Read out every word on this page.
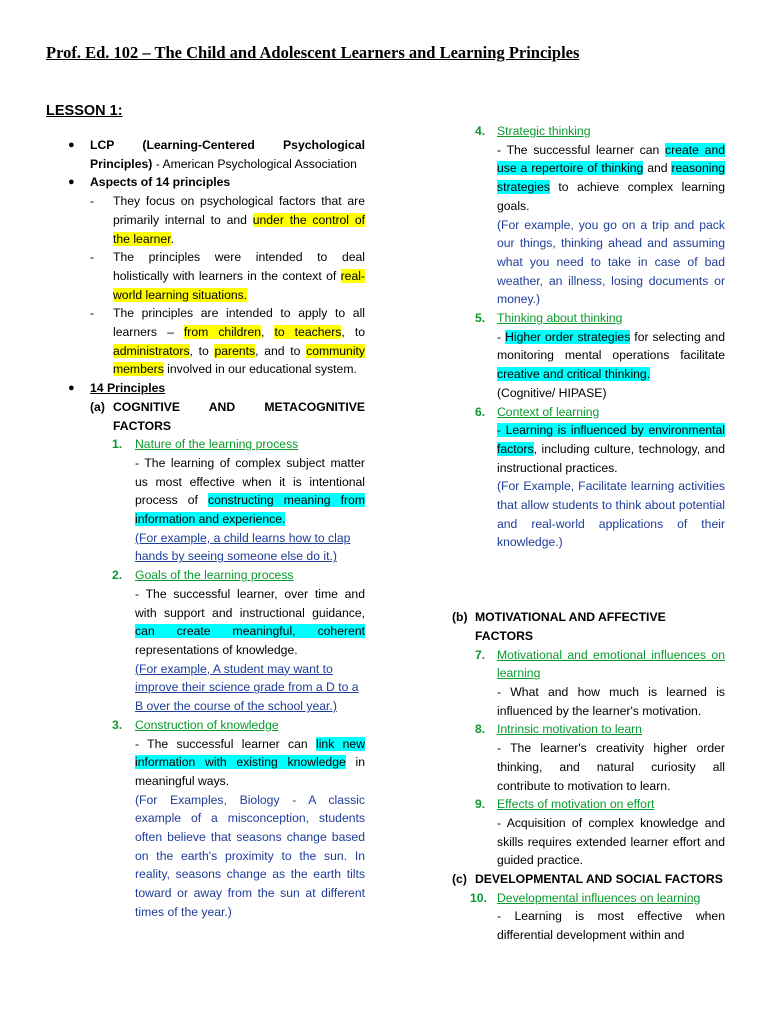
Prof. Ed. 102 – The Child and Adolescent Learners and Learning Principles
LESSON 1:
● LCP (Learning-Centered Psychological Principles) - American Psychological Association
● Aspects of 14 principles
- They focus on psychological factors that are primarily internal to and under the control of the learner.
- The principles were intended to deal holistically with learners in the context of real-world learning situations.
- The principles are intended to apply to all learners – from children, to teachers, to administrators, to parents, and to community members involved in our educational system.
● 14 Principles
(a) COGNITIVE AND METACOGNITIVE FACTORS
1. Nature of the learning process
- The learning of complex subject matter us most effective when it is intentional process of constructing meaning from information and experience.
(For example, a child learns how to clap hands by seeing someone else do it.)
2. Goals of the learning process
- The successful learner, over time and with support and instructional guidance, can create meaningful, coherent representations of knowledge.
(For example, A student may want to improve their science grade from a D to a B over the course of the school year.)
3. Construction of knowledge
- The successful learner can link new information with existing knowledge in meaningful ways.
(For Examples, Biology - A classic example of a misconception, students often believe that seasons change based on the earth's proximity to the sun. In reality, seasons change as the earth tilts toward or away from the sun at different times of the year.)
4. Strategic thinking
- The successful learner can create and use a repertoire of thinking and reasoning strategies to achieve complex learning goals.
(For example, you go on a trip and pack our things, thinking ahead and assuming what you need to take in case of bad weather, an illness, losing documents or money.)
5. Thinking about thinking
- Higher order strategies for selecting and monitoring mental operations facilitate creative and critical thinking.
(Cognitive/ HIPASE)
6. Context of learning
- Learning is influenced by environmental factors, including culture, technology, and instructional practices.
(For Example, Facilitate learning activities that allow students to think about potential and real-world applications of their knowledge.)
(b) MOTIVATIONAL AND AFFECTIVE FACTORS
7. Motivational and emotional influences on learning
- What and how much is learned is influenced by the learner's motivation.
8. Intrinsic motivation to learn
- The learner's creativity higher order thinking, and natural curiosity all contribute to motivation to learn.
9. Effects of motivation on effort
- Acquisition of complex knowledge and skills requires extended learner effort and guided practice.
(c) DEVELOPMENTAL AND SOCIAL FACTORS
10. Developmental influences on learning
- Learning is most effective when differential development within and
